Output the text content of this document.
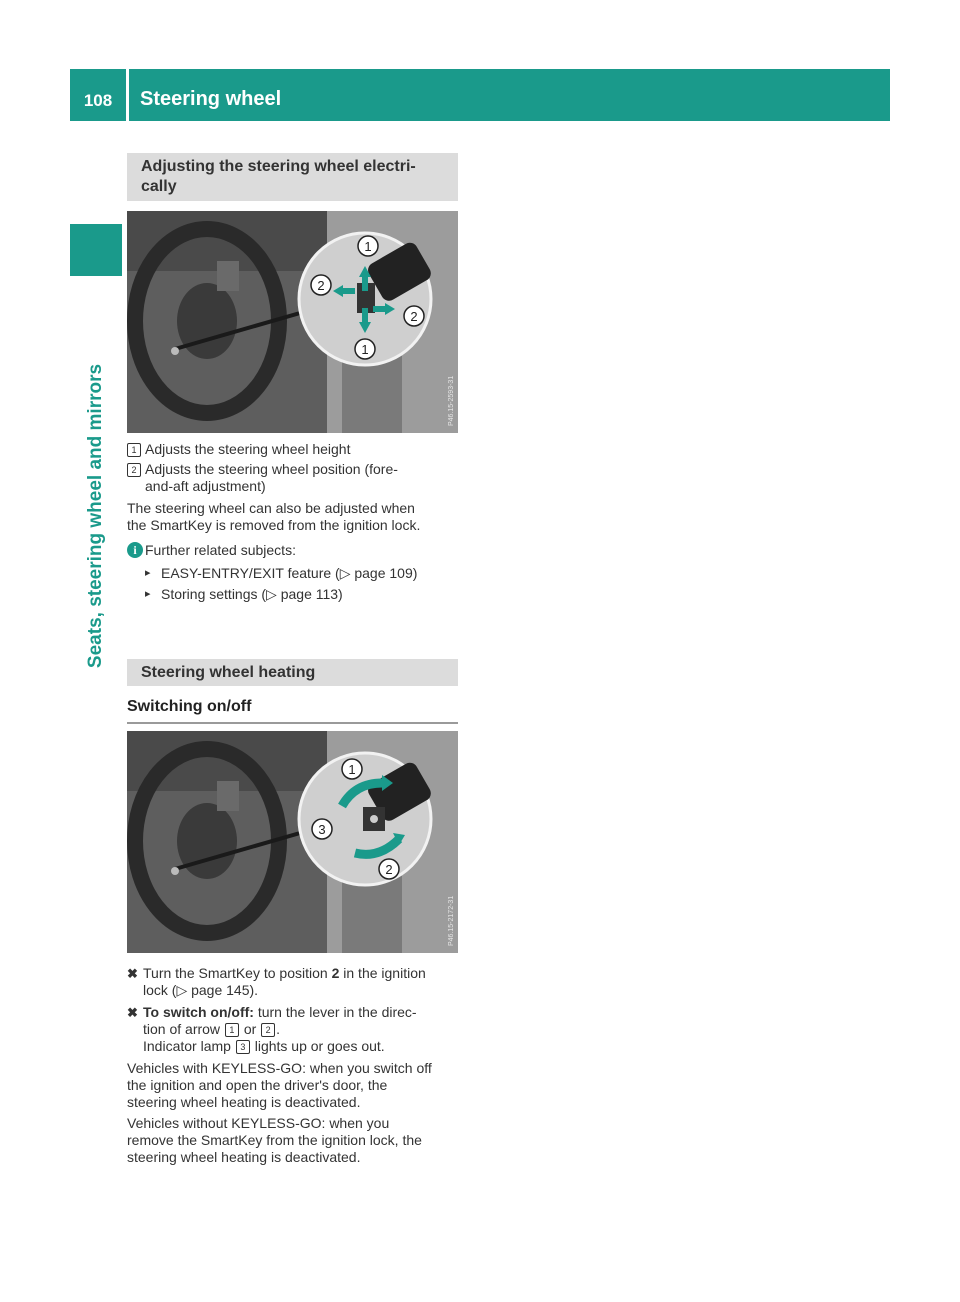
108	Steering wheel
Seats, steering wheel and mirrors
Adjusting the steering wheel electri-
cally
1
2
2
1
P46.15-2593-31
1 Adjusts the steering wheel height
2 Adjusts the steering wheel position (fore-
and-aft adjustment)
The steering wheel can also be adjusted when
the SmartKey is removed from the ignition lock.
i Further related subjects:
▸ EASY-ENTRY/EXIT feature (▷ page 109)
▸ Storing settings (▷ page 113)
Steering wheel heating
Switching on/off
1
3
2
P46.15-2172-31
✖ Turn the SmartKey to position 2 in the ignition
lock (▷ page 145).
✖ To switch on/off: turn the lever in the direc-
tion of arrow 1 or 2 .
Indicator lamp 3 lights up or goes out.
Vehicles with KEYLESS-GO: when you switch off
the ignition and open the driver's door, the
steering wheel heating is deactivated.
Vehicles without KEYLESS-GO: when you
remove the SmartKey from the ignition lock, the
steering wheel heating is deactivated.
